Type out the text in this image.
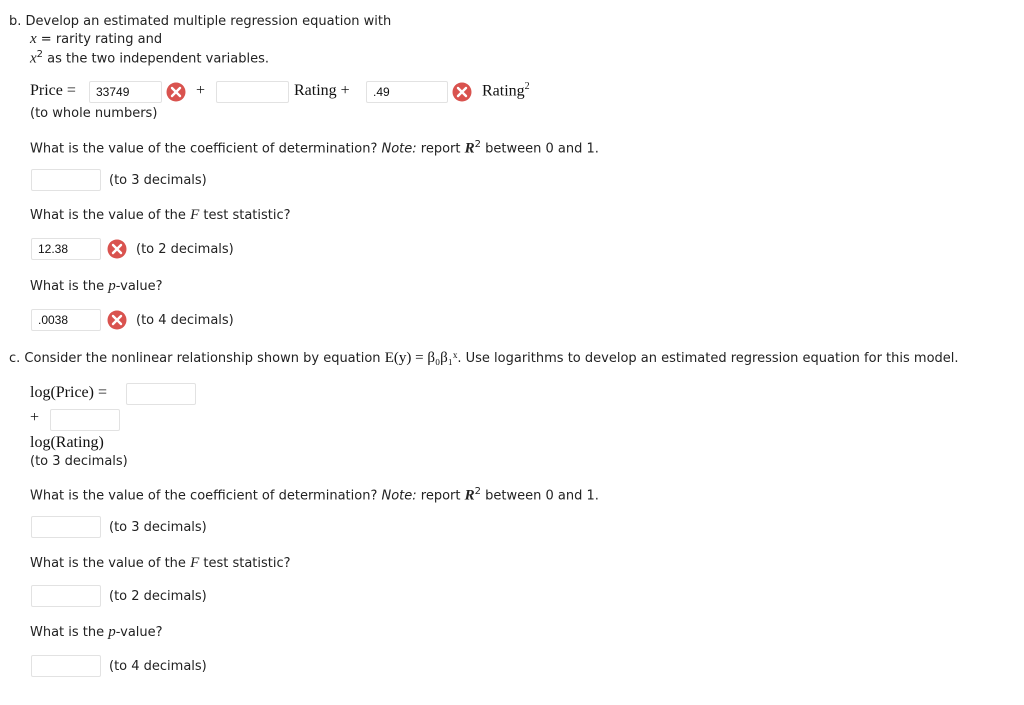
b. Develop an estimated multiple regression equation with
x = rarity rating and
$x^2$ as the two independent variables.
Price =
33749	+	Rating +
.49	Rating$^2$
(to whole numbers)
What is the value of the coefficient of determination? Note: report $R^2$ between 0 and 1.
(to 3 decimals)
What is the value of the F test statistic?
12.38
(to 2 decimals)
What is the p-value?
.0038
(to 4 decimals)
c. Consider the nonlinear relationship shown by equation E(y) = β₀β₁ˣ. Use logarithms to develop an estimated regression equation for this model.
log(Price) =
+
log(Rating)
(to 3 decimals)
What is the value of the coefficient of determination? Note: report $R^2$ between 0 and 1.
(to 3 decimals)
What is the value of the F test statistic?
(to 2 decimals)
What is the p-value?
(to 4 decimals)
